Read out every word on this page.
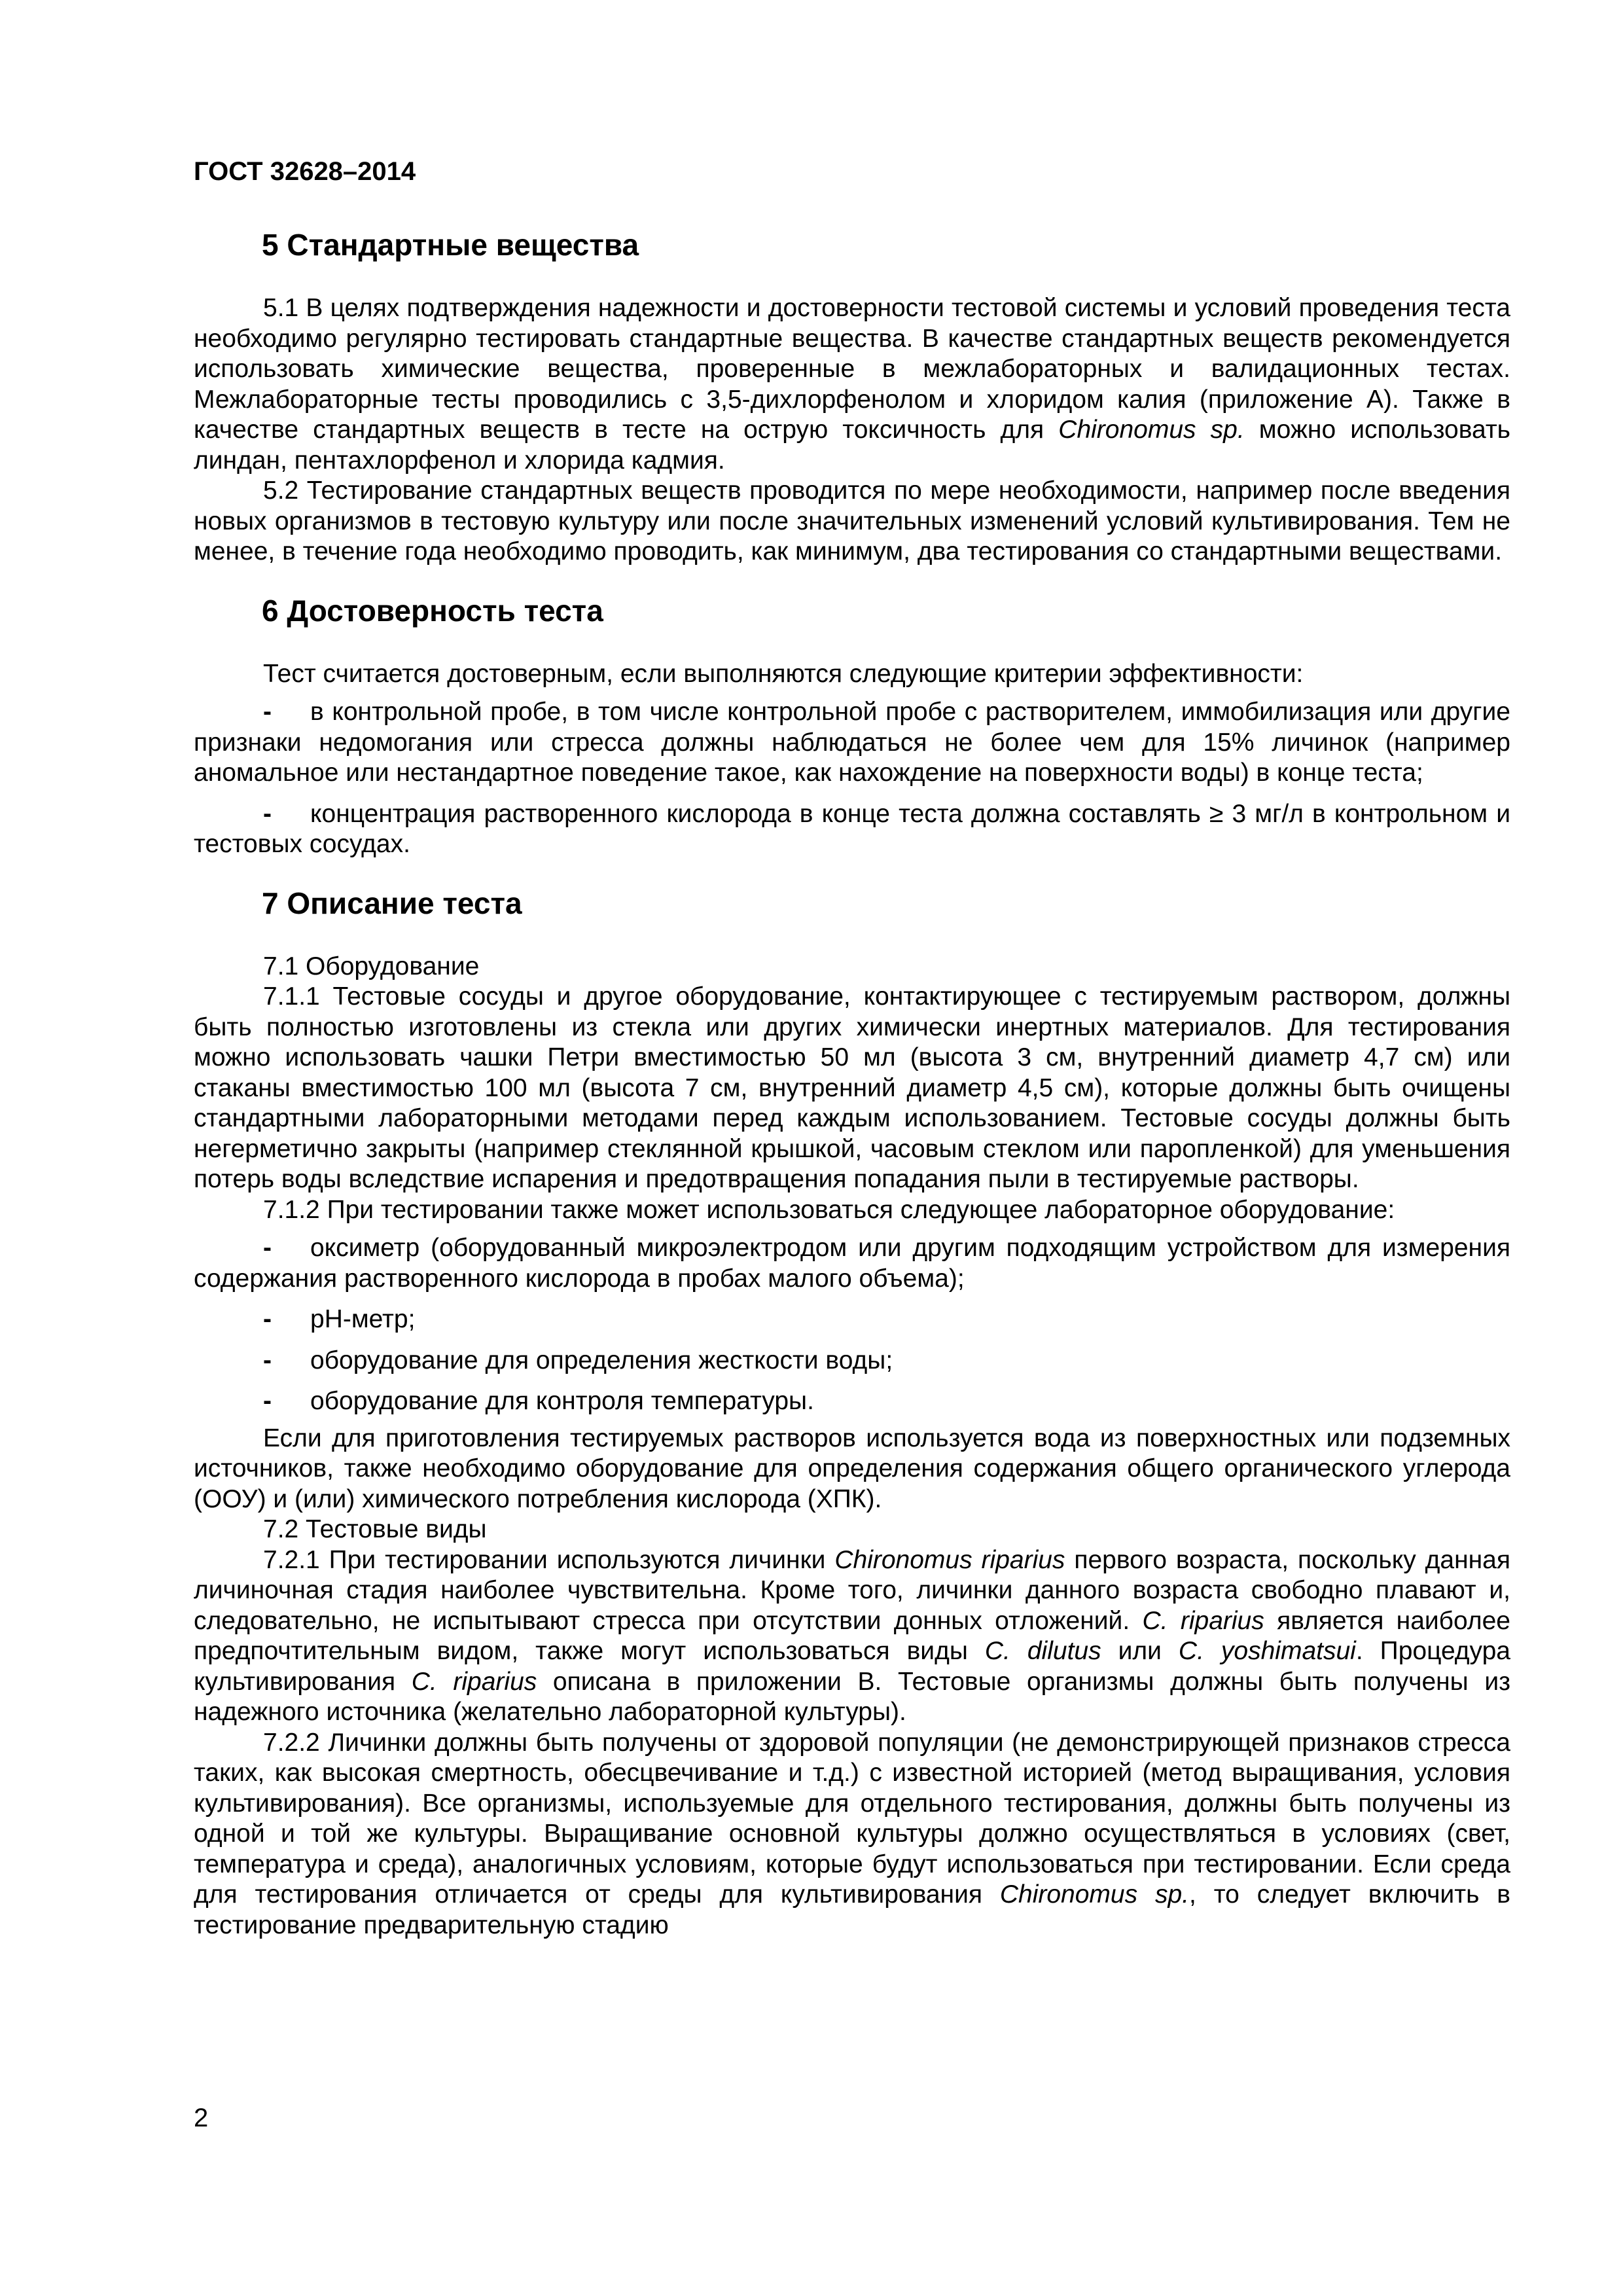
ГОСТ 32628–2014
5 Стандартные вещества

5.1 В целях подтверждения надежности и достоверности тестовой системы и условий проведения теста необходимо регулярно тестировать стандартные вещества. В качестве стандартных веществ рекомендуется использовать химические вещества, проверенные в межлабораторных и валидационных тестах. Межлабораторные тесты проводились с 3,5-дихлорфенолом и хлоридом калия (приложение А). Также в качестве стандартных веществ в тесте на острую токсичность для Chironomus sp. можно использовать линдан, пентахлорфенол и хлорида кадмия.

5.2 Тестирование стандартных веществ проводится по мере необходимости, например после введения новых организмов в тестовую культуру или после значительных изменений условий культивирования. Тем не менее, в течение года необходимо проводить, как минимум, два тестирования со стандартными веществами.

6 Достоверность теста

Тест считается достоверным, если выполняются следующие критерии эффективности:

- в контрольной пробе, в том числе контрольной пробе с растворителем, иммобилизация или другие признаки недомогания или стресса должны наблюдаться не более чем для 15% личинок (например аномальное или нестандартное поведение такое, как нахождение на поверхности воды) в конце теста;
- концентрация растворенного кислорода в конце теста должна составлять ≥ 3 мг/л в контрольном и тестовых сосудах.
7 Описание теста

7.1 Оборудование

7.1.1 Тестовые сосуды и другое оборудование, контактирующее с тестируемым раствором, должны быть полностью изготовлены из стекла или других химически инертных материалов. Для тестирования можно использовать чашки Петри вместимостью 50 мл (высота 3 см, внутренний диаметр 4,7 см) или стаканы вместимостью 100 мл (высота 7 см, внутренний диаметр 4,5 см), которые должны быть очищены стандартными лабораторными методами перед каждым использованием. Тестовые сосуды должны быть негерметично закрыты (например стеклянной крышкой, часовым стеклом или паропленкой) для уменьшения потерь воды вследствие испарения и предотвращения попадания пыли в тестируемые растворы.

7.1.2 При тестировании также может использоваться следующее лабораторное оборудование:

- оксиметр (оборудованный микроэлектродом или другим подходящим устройством для измерения содержания растворенного кислорода в пробах малого объема);
- pH-метр;
- оборудование для определения жесткости воды;
- оборудование для контроля температуры.

Если для приготовления тестируемых растворов используется вода из поверхностных или подземных источников, также необходимо оборудование для определения содержания общего органического углерода (ООУ) и (или) химического потребления кислорода (ХПК).

7.2 Тестовые виды

7.2.1 При тестировании используются личинки Chironomus riparius первого возраста, поскольку данная личиночная стадия наиболее чувствительна. Кроме того, личинки данного возраста свободно плавают и, следовательно, не испытывают стресса при отсутствии донных отложений. C. riparius является наиболее предпочтительным видом, также могут использоваться виды C. dilutus или C. yoshimatsui. Процедура культивирования C. riparius описана в приложении В. Тестовые организмы должны быть получены из надежного источника (желательно лабораторной культуры).

7.2.2 Личинки должны быть получены от здоровой популяции (не демонстрирующей признаков стресса таких, как высокая смертность, обесцвечивание и т.д.) с известной историей (метод выращивания, условия культивирования). Все организмы, используемые для отдельного тестирования, должны быть получены из одной и той же культуры. Выращивание основной культуры должно осуществляться в условиях (свет, температура и среда), аналогичных условиям, которые будут использоваться при тестировании. Если среда для тестирования отличается от среды для культивирования Chironomus sp., то следует включить в тестирование предварительную стадию

2
